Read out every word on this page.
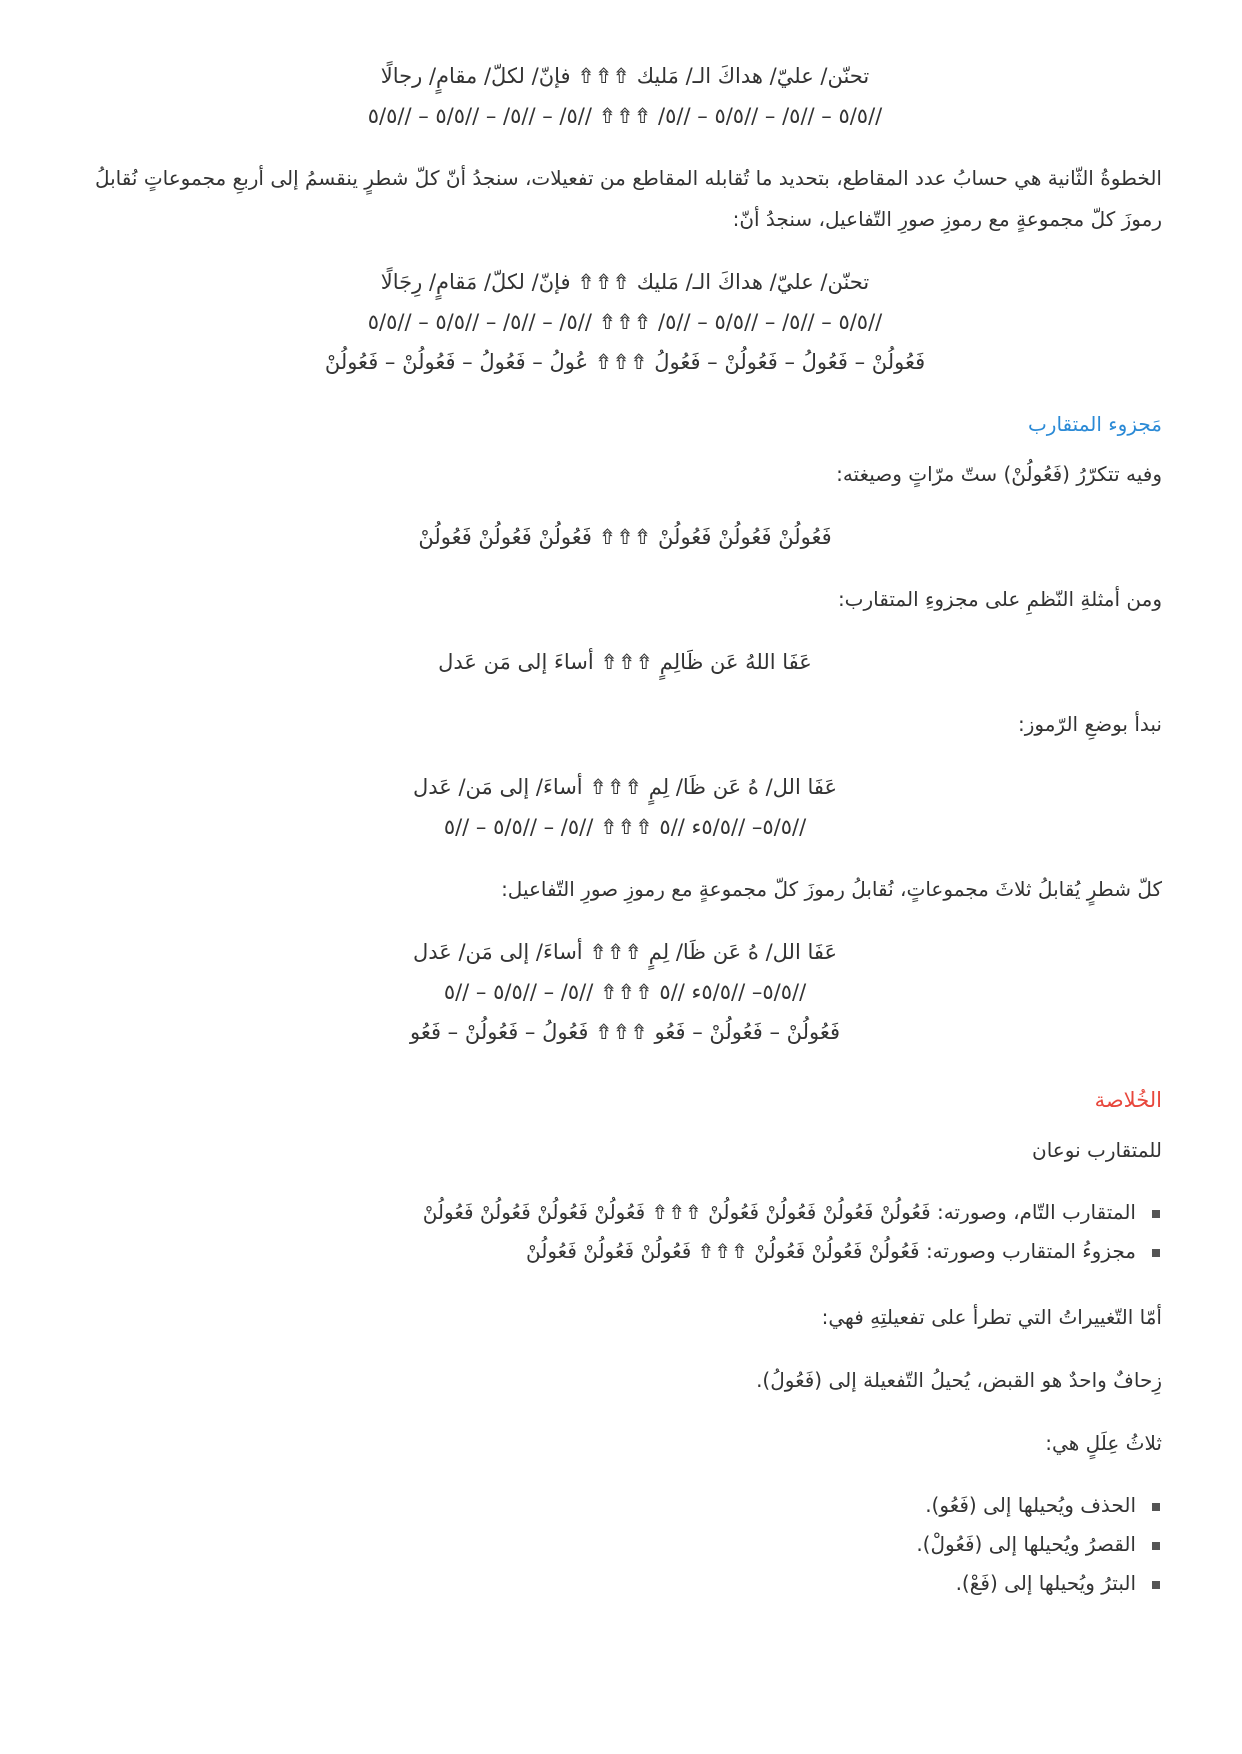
تحنّن/ عليّ/ هداكَ الـ/ مَليك ⇮⇮⇮ فإنّ/ لكلّ/ مقامٍ/ رجالًا

//٥/٥ – //٥/ – //٥/٥ – //٥/ ⇮⇮⇮ //٥/ – //٥/ – //٥/٥ – //٥/٥

الخطوةُ الثّانية هي حسابُ عدد المقاطع، بتحديد ما تُقابله المقاطع من تفعيلات، سنجدُ أنّ كلّ شطرٍ ينقسمُ إلى أربعِ مجموعاتٍ نُقابلُ رموزَ كلّ مجموعةٍ مع رموزِ صورِ التّفاعيل، سنجدُ أنّ:

تحنّن/ عليّ/ هداكَ الـ/ مَليك ⇮⇮⇮ فإنّ/ لكلّ/ مَقامٍ/ رِجَالًا

//٥/٥ – //٥/ – //٥/٥ – //٥/ ⇮⇮⇮ //٥/ – //٥/ – //٥/٥ – //٥/٥

فَعُولُنْ – فَعُولُ – فَعُولُنْ – فَعُولُ ⇮⇮⇮ عُولُ – فَعُولُ – فَعُولُنْ – فَعُولُنْ

مَجزوء المتقارب

وفيه تتكرّرُ (فَعُولُنْ) ستّ مرّاتٍ وصيغته:

فَعُولُنْ فَعُولُنْ فَعُولُنْ ⇮⇮⇮ فَعُولُنْ فَعُولُنْ فَعُولُنْ

ومن أمثلةِ النّظمِ على مجزوءِ المتقارب:

عَفَا اللهُ عَن ظَالِمٍ ⇮⇮⇮ أساءَ إلى مَن عَدل

نبدأ بوضعِ الرّموز:

عَفَا الل/ هُ عَن ظَا/ لِمٍ ⇮⇮⇮ أساءَ/ إلى مَن/ عَدل

//٥/٥– //٥/٥ء //٥ ⇮⇮⇮ //٥/ – //٥/٥ – //٥

كلّ شطرٍ يُقابلُ ثلاثَ مجموعاتٍ، نُقابلُ رموزَ كلّ مجموعةٍ مع رموزِ صورِ التّفاعيل:

عَفَا الل/ هُ عَن ظَا/ لِمٍ ⇮⇮⇮ أساءَ/ إلى مَن/ عَدل

//٥/٥– //٥/٥ء //٥ ⇮⇮⇮ //٥/ – //٥/٥ – //٥

فَعُولُنْ – فَعُولُنْ – فَعُو ⇮⇮⇮ فَعُولُ – فَعُولُنْ – فَعُو

الخُلاصة

للمتقارب نوعان

المتقارب التّام، وصورته: فَعُولُنْ فَعُولُنْ فَعُولُنْ فَعُولُنْ ⇮⇮⇮ فَعُولُنْ فَعُولُنْ فَعُولُنْ فَعُولُنْ
مجزوءُ المتقارب وصورته: فَعُولُنْ فَعُولُنْ فَعُولُنْ ⇮⇮⇮ فَعُولُنْ فَعُولُنْ فَعُولُنْ

أمّا التّغييراتُ التي تطرأ على تفعيلتِهِ فهي:

زِحافٌ واحدٌ هو القبض، يُحيلُ التّفعيلة إلى (فَعُولُ).

ثلاثُ عِلَلٍ هي:

الحذف ويُحيلها إلى (فَعُو).
القصرُ ويُحيلها إلى (فَعُولْ).
البترُ ويُحيلها إلى (فَعْ).
